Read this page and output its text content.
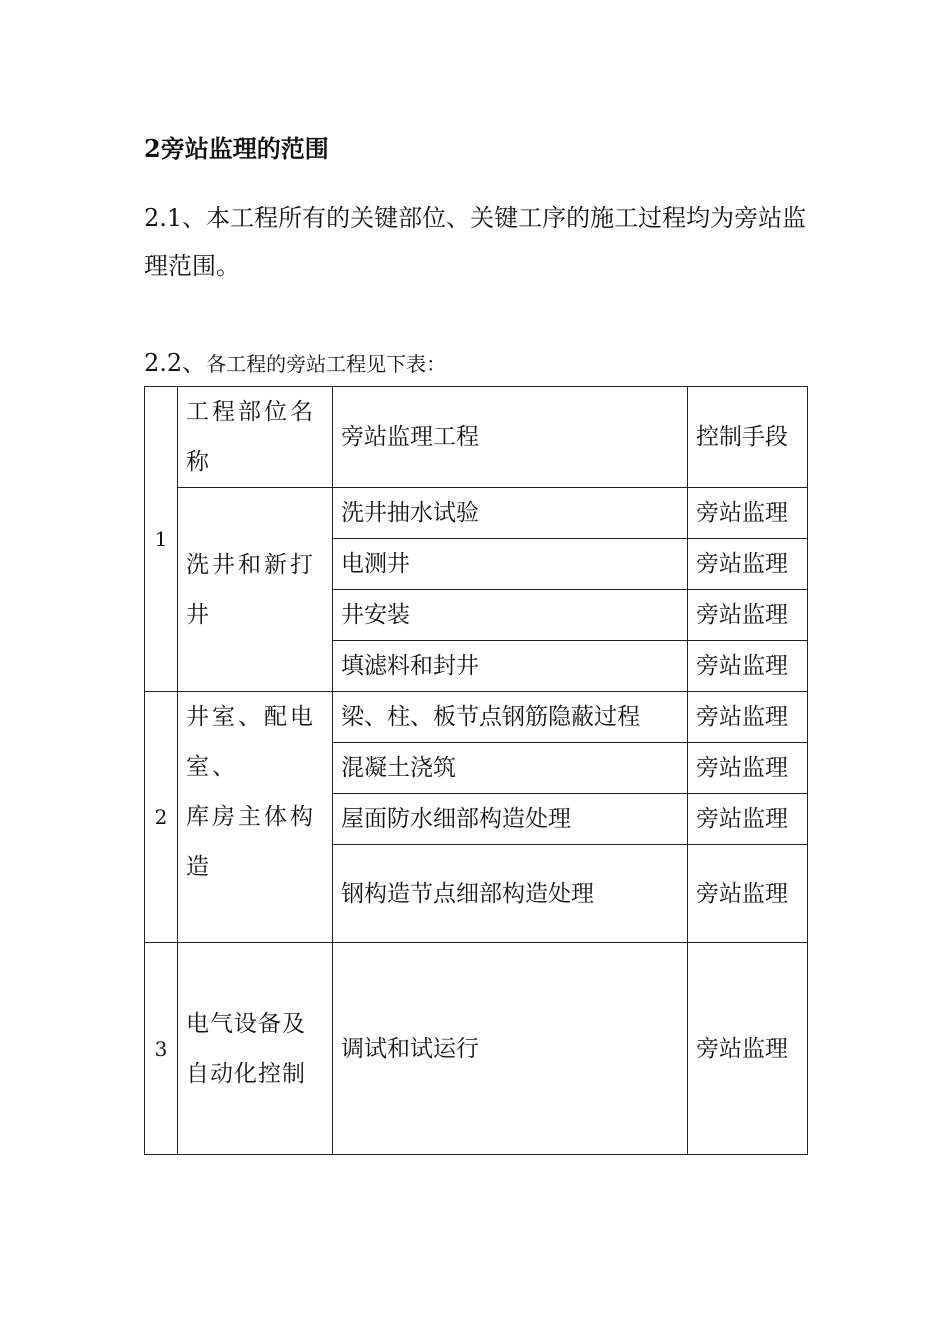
2旁站监理的范围
2.1、本工程所有的关键部位、关键工序的施工过程均为旁站监理范围。
2.2、各工程的旁站工程见下表：
1	工程部位名称	旁站监理工程	控制手段
	洗井和新打井	洗井抽水试验	旁站监理
		电测井	旁站监理
		井安装	旁站监理
		填滤料和封井	旁站监理
2	井室、配电室、
库房主体构造	梁、柱、板节点钢筋隐蔽过程	旁站监理
		混凝土浇筑	旁站监理
		屋面防水细部构造处理	旁站监理
		钢构造节点细部构造处理	旁站监理
3	电气设备及自动化控制	调试和试运行	旁站监理
